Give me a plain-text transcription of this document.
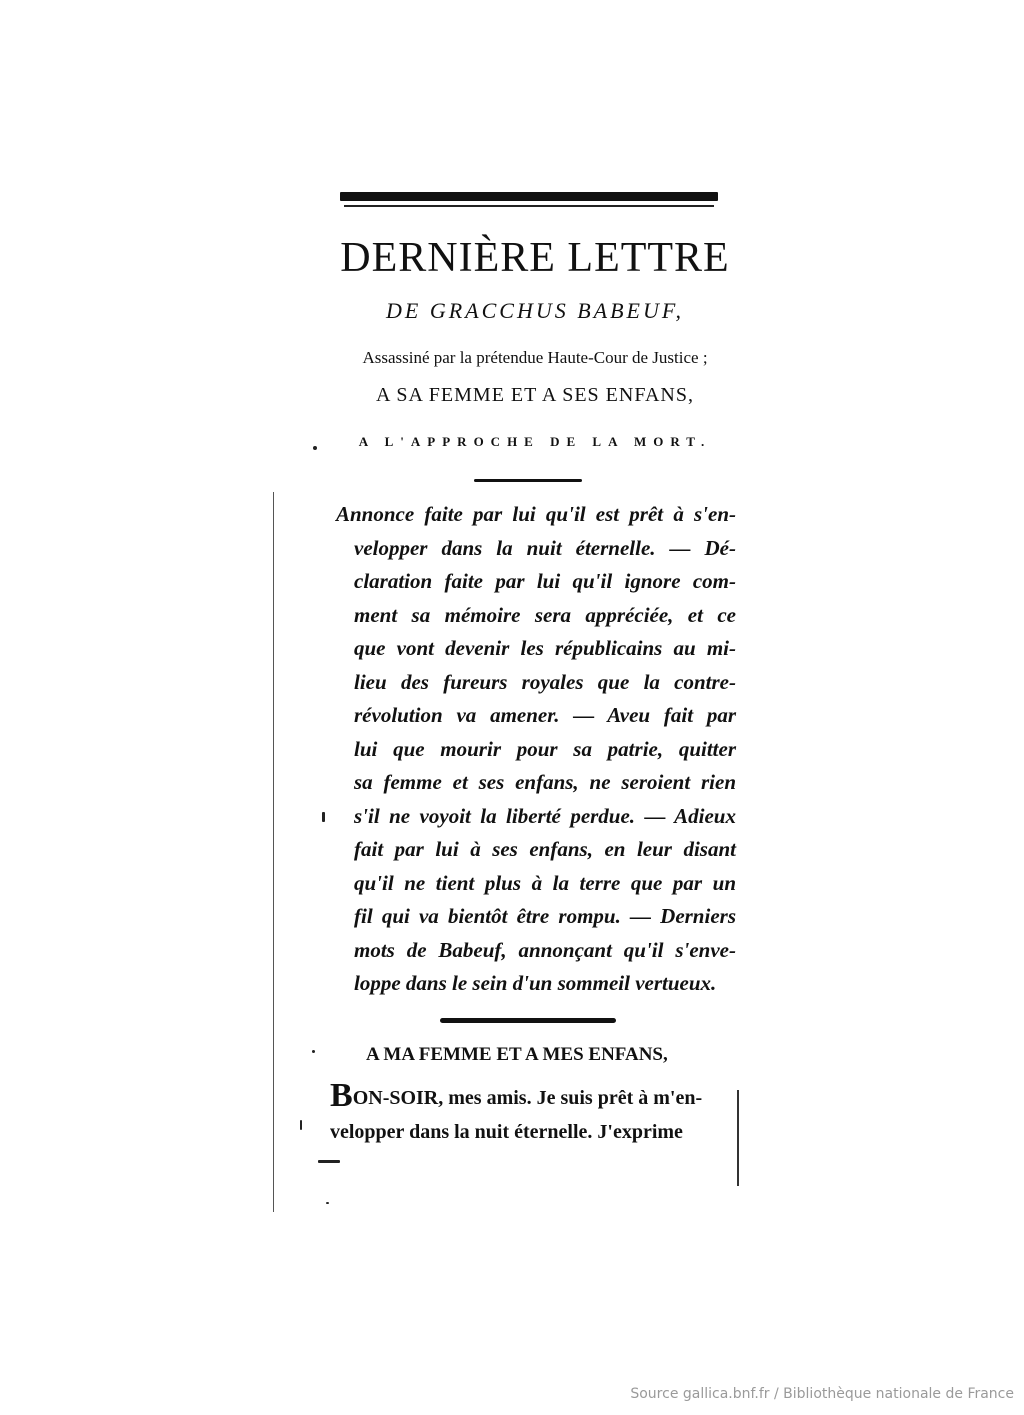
DERNIÈRE LETTRE
DE GRACCHUS BABEUF,
Assassiné par la prétendue Haute-Cour de Justice ;
A SA FEMME ET A SES ENFANS,
A L'APPROCHE DE LA MORT.
Annonce faite par lui qu'il est prêt à s'en-
velopper dans la nuit éternelle. — Dé-
claration faite par lui qu'il ignore com-
ment sa mémoire sera appréciée, et ce
que vont devenir les républicains au mi-
lieu des fureurs royales que la contre-
révolution va amener. — Aveu fait par
lui que mourir pour sa patrie, quitter
sa femme et ses enfans, ne seroient rien
s'il ne voyoit la liberté perdue. — Adieux
fait par lui à ses enfans, en leur disant
qu'il ne tient plus à la terre que par un
fil qui va bientôt être rompu. — Derniers
mots de Babeuf, annonçant qu'il s'enve-
loppe dans le sein d'un sommeil vertueux.
A MA FEMME ET A MES ENFANS,
BON-SOIR, mes amis. Je suis prêt à m'en-
velopper dans la nuit éternelle. J'exprime
Source gallica.bnf.fr / Bibliothèque nationale de France
